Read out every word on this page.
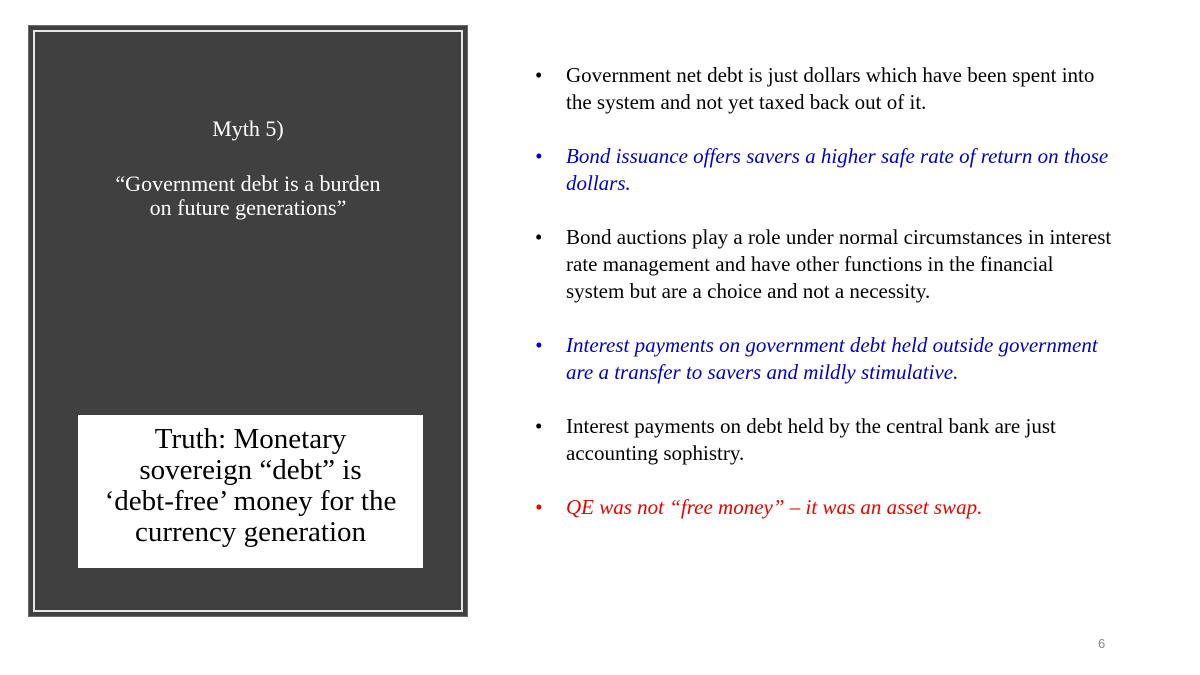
Myth 5)
“Government debt is a burden
on future generations”
Truth: Monetary
sovereign “debt” is
‘debt-free’ money for the
currency generation
• Government net debt is just dollars which have been spent into the system and not yet taxed back out of it.
• Bond issuance offers savers a higher safe rate of return on those dollars.
• Bond auctions play a role under normal circumstances in interest rate management and have other functions in the financial system but are a choice and not a necessity.
• Interest payments on government debt held outside government are a transfer to savers and mildly stimulative.
• Interest payments on debt held by the central bank are just accounting sophistry.
• QE was not “free money” – it was an asset swap.
6
